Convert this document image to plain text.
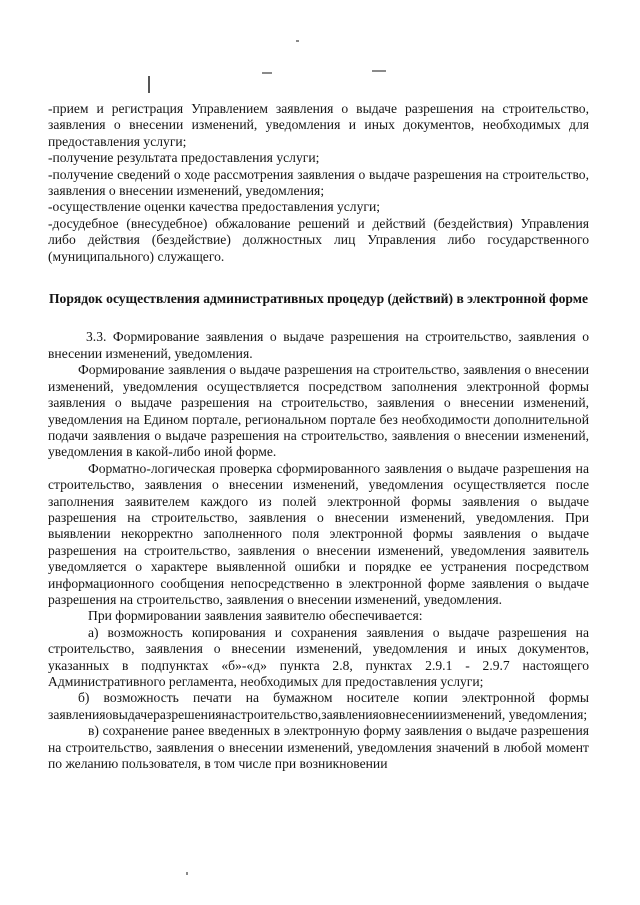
-прием и регистрация Управлением заявления о выдаче разрешения на строительство, заявления о внесении изменений, уведомления и иных документов, необходимых для предоставления услуги;

-получение результата предоставления услуги;

-получение сведений о ходе рассмотрения заявления о выдаче разрешения на строительство, заявления о внесении изменений, уведомления;

-осуществление оценки качества предоставления услуги;

-досудебное (внесудебное) обжалование решений и действий (бездействия) Управления либо действия (бездействие) должностных лиц Управления либо государственного (муниципального) служащего.

Порядок осуществления административных процедур (действий) в электронной форме

3.3. Формирование заявления о выдаче разрешения на строительство, заявления о внесении изменений, уведомления.

Формирование заявления о выдаче разрешения на строительство, заявления о внесении изменений, уведомления осуществляется посредством заполнения электронной формы заявления о выдаче разрешения на строительство, заявления о внесении изменений, уведомления на Едином портале, региональном портале без необходимости дополнительной подачи заявления о выдаче разрешения на строительство, заявления о внесении изменений, уведомления в какой-либо иной форме.

Форматно-логическая проверка сформированного заявления о выдаче разрешения на строительство, заявления о внесении изменений, уведомления осуществляется после заполнения заявителем каждого из полей электронной формы заявления о выдаче разрешения на строительство, заявления о внесении изменений, уведомления. При выявлении некорректно заполненного поля электронной формы заявления о выдаче разрешения на строительство, заявления о внесении изменений, уведомления заявитель уведомляется о характере выявленной ошибки и порядке ее устранения посредством информационного сообщения непосредственно в электронной форме заявления о выдаче разрешения на строительство, заявления о внесении изменений, уведомления.

При формировании заявления заявителю обеспечивается:

а) возможность копирования и сохранения заявления о выдаче разрешения на строительство, заявления о внесении изменений, уведомления и иных документов, указанных в подпунктах «б»-«д» пункта 2.8, пунктах 2.9.1 - 2.9.7 настоящего Административного регламента, необходимых для предоставления услуги;

б) возможность печати на бумажном носителе копии электронной формы заявленияовыдачеразрешениянастроительство,заявленияовнесенииизменений, уведомления;

в) сохранение ранее введенных в электронную форму заявления о выдаче разрешения на строительство, заявления о внесении изменений, уведомления значений в любой момент по желанию пользователя, в том числе при возникновении
